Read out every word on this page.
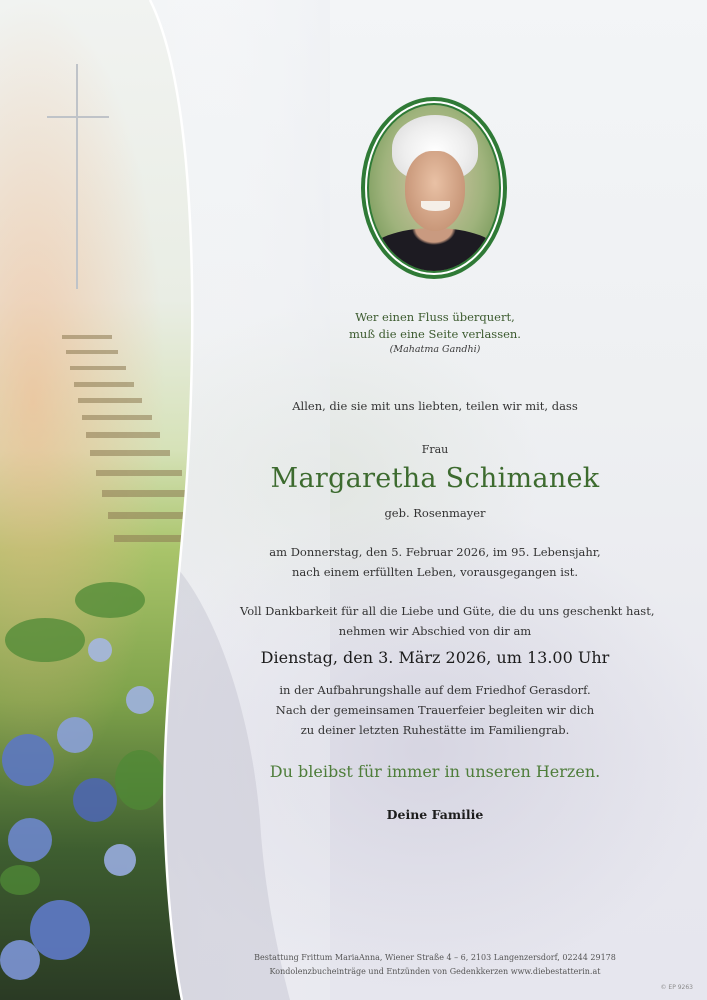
Wer einen Fluss überquert,
muß die eine Seite verlassen.
(Mahatma Gandhi)
Allen, die sie mit uns liebten, teilen wir mit, dass
Frau
Margaretha Schimanek
geb. Rosenmayer
am Donnerstag, den 5. Februar 2026, im 95. Lebensjahr,
nach einem erfüllten Leben, vorausgegangen ist.
Voll Dankbarkeit für all die Liebe und Güte, die du uns geschenkt hast,
nehmen wir Abschied von dir am
Dienstag, den 3. März 2026, um 13.00 Uhr
in der Aufbahrungshalle auf dem Friedhof Gerasdorf.
Nach der gemeinsamen Trauerfeier begleiten wir dich
zu deiner letzten Ruhestätte im Familiengrab.
Du bleibst für immer in unseren Herzen.
Deine Familie
Bestattung Frittum MariaAnna, Wiener Straße 4 – 6, 2103 Langenzersdorf, 02244 29178
Kondolenzbucheinträge und Entzünden von Gedenkkerzen www.diebestatterin.at
© EP 9263
